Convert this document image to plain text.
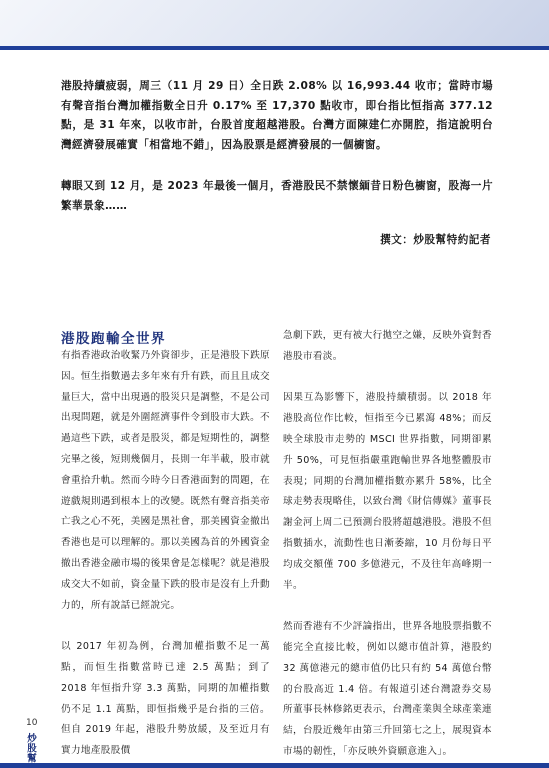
港股持續疲弱，周三（11 月 29 日）全日跌 2.08% 以 16,993.44 收市；當時市場有聲音指台灣加權指數全日升 0.17% 至 17,370 點收市，即台指比恒指高 377.12 點，是 31 年來，以收市計，台股首度超越港股。台灣方面陳建仁亦開腔，指這說明台灣經濟發展確實「相當地不錯」，因為股票是經濟發展的一個櫥窗。

轉眼又到 12 月，是 2023 年最後一個月，香港股民不禁懷緬昔日粉色櫥窗，股海一片繁華景象……

撰文：炒股幫特約記者

港股跑輸全世界

有指香港政治收緊乃外資卻步，正是港股下跌原因。恒生指數過去多年來有升有跌，而且且成交量巨大，當中出現過的股災只是調整，不是公司出現問題，就是外圍經濟事件令到股市大跌。不過這些下跌，或者是股災，都是短期性的，調整完畢之後，短則幾個月，長則一年半載，股市就會重拾升軌。然而今時今日香港面對的問題，在遊戲規則遇到根本上的改變。既然有聲音指美帝亡我之心不死，美國是黑社會，那美國資金撤出香港也是可以理解的。那以美國為首的外國資金撤出香港金融市場的後果會是怎樣呢？就是港股成交大不如前，資金量下跌的股市是沒有上升動力的，所有說話已經說完。

以 2017 年初為例，台灣加權指數不足一萬點，而恒生指數當時已達 2.5 萬點；到了 2018 年恒指升穿 3.3 萬點，同期的加權指數仍不足 1.1 萬點，即恒指幾乎是台指的三倍。但自 2019 年起，港股升勢放緩，及至近月有實力地產股股價

急劇下跌，更有被大行拋空之嫌，反映外資對香港股市看淡。

因果互為影響下，港股持續積弱。以 2018 年港股高位作比較，恒指至今已累瀉 48%；而反映全球股市走勢的 MSCI 世界指數，同期卻累升 50%，可見恒指嚴重跑輸世界各地整體股市表現；同期的台灣加權指數亦累升 58%，比全球走勢表現略佳，以致台灣《財信傳媒》董事長謝金河上周二已預測台股將超越港股。港股不但指數插水，流動性也日漸萎縮，10 月份每日平均成交額僅 700 多億港元，不及往年高峰期一半。

然而香港有不少評論指出，世界各地股票指數不能完全直接比較，例如以總市值計算，港股約 32 萬億港元的總市值仍比只有約 54 萬億台幣的台股高近 1.4 倍。有報道引述台灣證券交易所董事長林修銘更表示，台灣產業與全球產業連結，台股近幾年由第三升回第七之上，展現資本市場的韌性，「亦反映外資願意進入」。

10

炒股幫
